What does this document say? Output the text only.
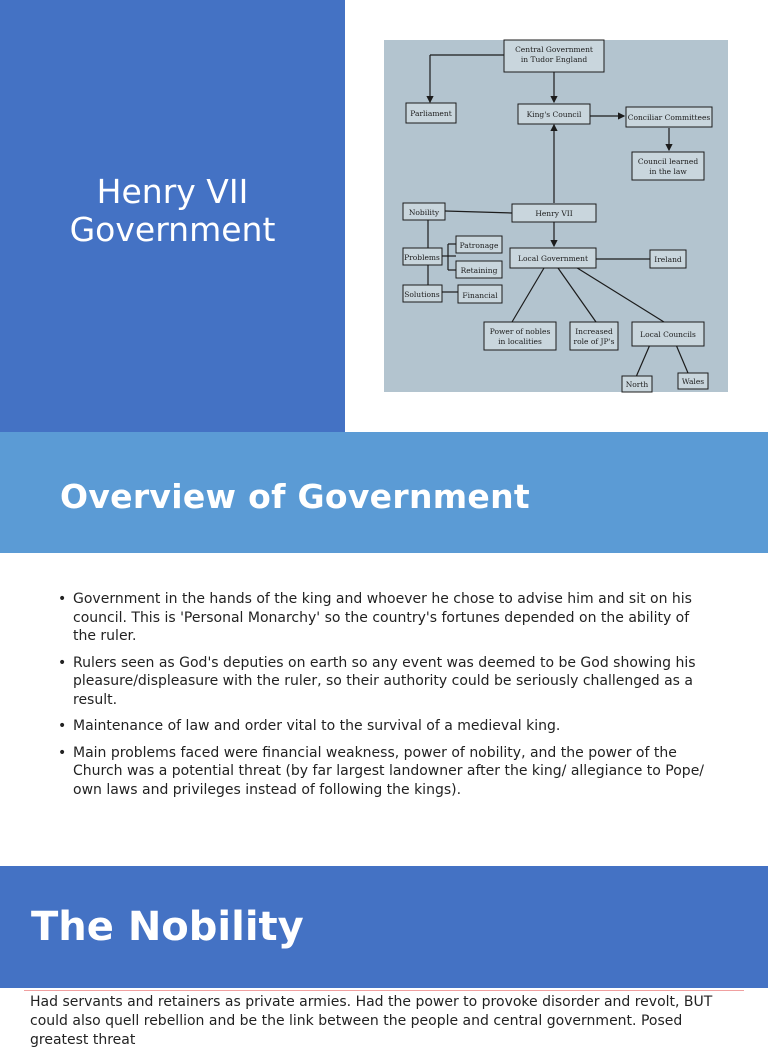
Henry VII
Government
Central Government
in Tudor England
Parliament	King's Council	Conciliar Committees
Council learned
in the law
Nobility	Henry VII
Problems
Patronage
Retaining
Solutions	Financial
Local Government	Ireland
Power of nobles
in localities
Increased
role of JP's
Local Councils
North	Wales
Overview of Government
• Government in the hands of the king and whoever he chose to advise him and sit on his council. This is 'Personal Monarchy' so the country's fortunes depended on the ability of the ruler.
• Rulers seen as God's deputies on earth so any event was deemed to be God showing his pleasure/displeasure with the ruler, so their authority could be seriously challenged as a result.
• Maintenance of law and order vital to the survival of a medieval king.
• Main problems faced were financial weakness, power of nobility, and the power of the Church was a potential threat (by far largest landowner after the king/ allegiance to Pope/ own laws and privileges instead of following the kings).
The Nobility

Had servants and retainers as private armies. Had the power to provoke disorder and revolt, BUT could also quell rebellion and be the link between the people and central government. Posed greatest threat
